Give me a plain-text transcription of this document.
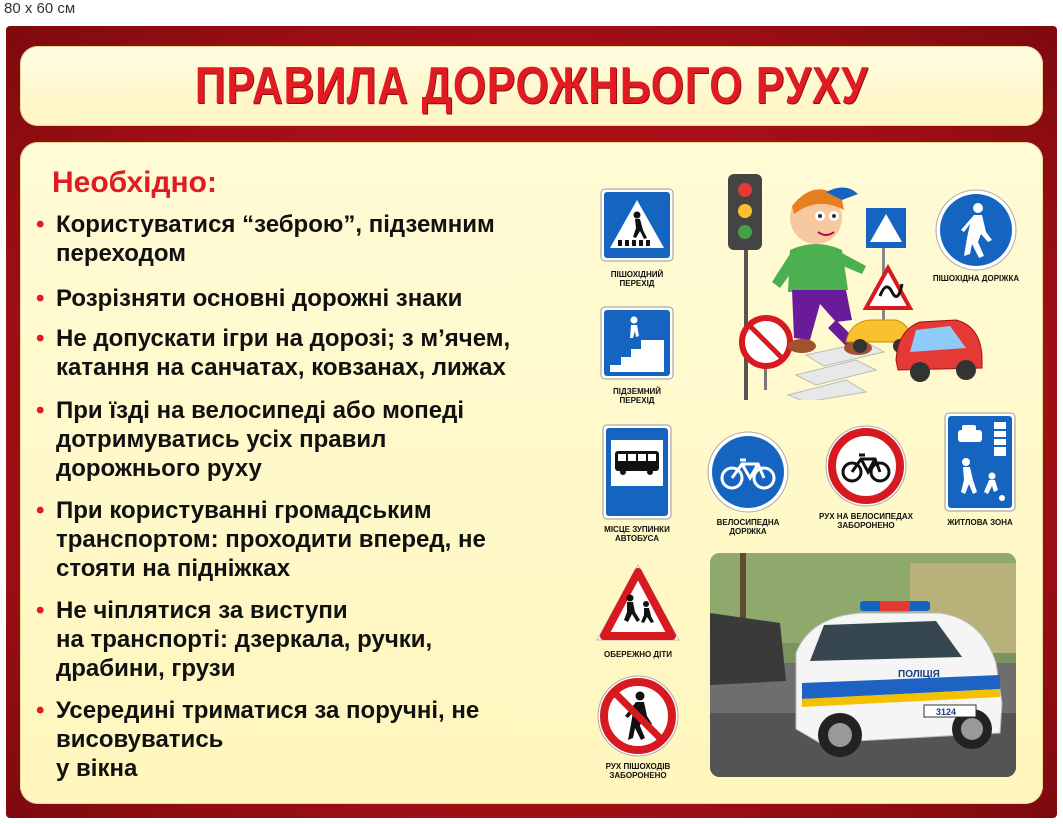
80 x 60 см
ПРАВИЛА ДОРОЖНЬОГО РУХУ
Необхідно:
• Користуватися “зеброю”, підземним
переходом
• Розрізняти основні дорожні знаки
• Не допускати ігри на дорозі; з м’ячем,
катання на санчатах, ковзанах, лижах
• При їзді на велосипеді або мопеді
дотримуватись усіх правил
дорожнього руху
• При користуванні громадським
транспортом: проходити вперед, не
стояти на підніжках
• Не чіплятися за виступи
на транспорті: дзеркала, ручки,
драбини, грузи
• Усередині триматися за поручні, не
висовуватись
у вікна
ПІШОХІДНИЙ ПЕРЕХІД
ПІШОХІДНА ДОРІЖКА
ПІДЗЕМНИЙ ПЕРЕХІД
МІСЦЕ ЗУПИНКИ АВТОБУСА
ВЕЛОСИПЕДНА ДОРІЖКА
РУХ НА ВЕЛОСИПЕДАХ ЗАБОРОНЕНО	ЖИТЛОВА ЗОНА
ОБЕРЕЖНО ДІТИ
РУХ ПІШОХОДІВ ЗАБОРОНЕНО
ПОЛІЦІЯ
3124
